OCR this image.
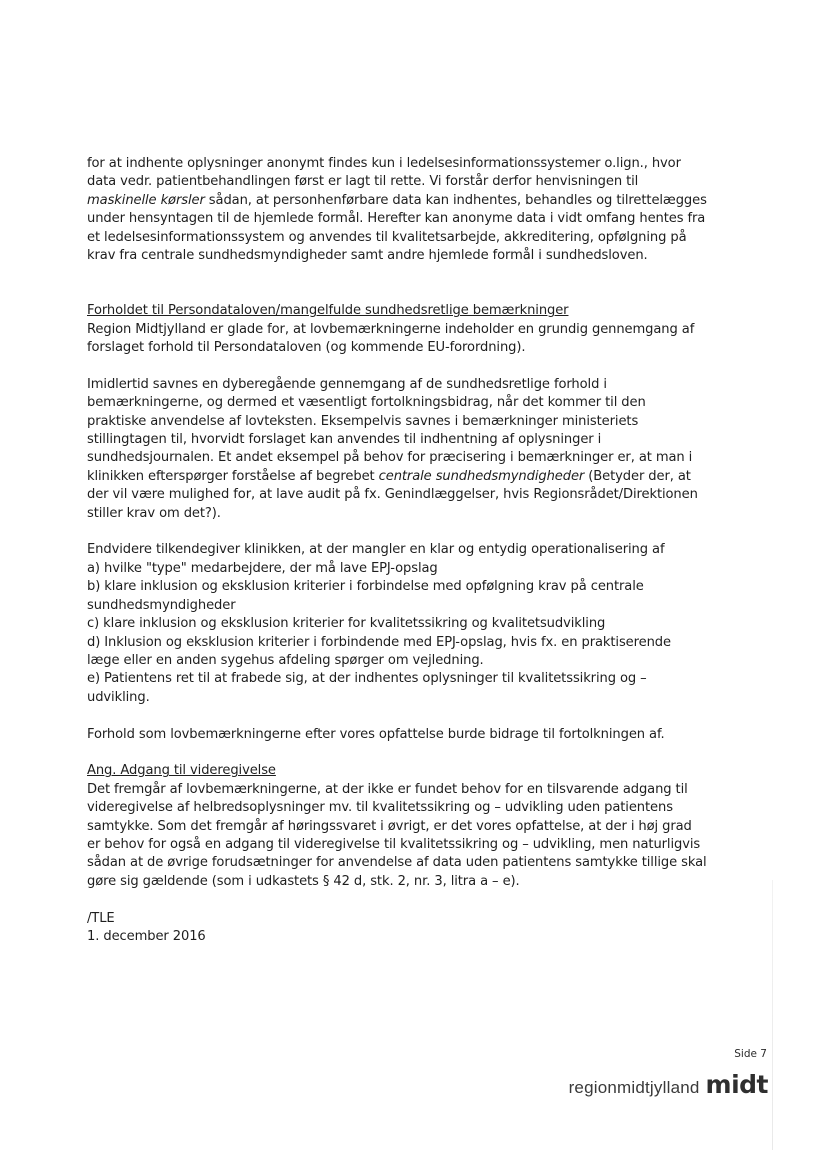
for at indhente oplysninger anonymt findes kun i ledelsesinformationssystemer o.lign., hvor
data vedr. patientbehandlingen først er lagt til rette. Vi forstår derfor henvisningen til
maskinelle kørsler sådan, at personhenførbare data kan indhentes, behandles og tilrettelægges
under hensyntagen til de hjemlede formål. Herefter kan anonyme data i vidt omfang hentes fra
et ledelsesinformationssystem og anvendes til kvalitetsarbejde, akkreditering, opfølgning på
krav fra centrale sundhedsmyndigheder samt andre hjemlede formål i sundhedsloven.

Forholdet til Persondataloven/mangelfulde sundhedsretlige bemærkninger
Region Midtjylland er glade for, at lovbemærkningerne indeholder en grundig gennemgang af
forslaget forhold til Persondataloven (og kommende EU-forordning).

Imidlertid savnes en dyberegående gennemgang af de sundhedsretlige forhold i
bemærkningerne, og dermed et væsentligt fortolkningsbidrag, når det kommer til den
praktiske anvendelse af lovteksten. Eksempelvis savnes i bemærkninger ministeriets
stillingtagen til, hvorvidt forslaget kan anvendes til indhentning af oplysninger i
sundhedsjournalen. Et andet eksempel på behov for præcisering i bemærkninger er, at man i
klinikken efterspørger forståelse af begrebet centrale sundhedsmyndigheder (Betyder der, at
der vil være mulighed for, at lave audit på fx. Genindlæggelser, hvis Regionsrådet/Direktionen
stiller krav om det?).

Endvidere tilkendegiver klinikken, at der mangler en klar og entydig operationalisering af
a) hvilke "type" medarbejdere, der må lave EPJ-opslag
b) klare inklusion og eksklusion kriterier i forbindelse med opfølgning krav på centrale
sundhedsmyndigheder
c) klare inklusion og eksklusion kriterier for kvalitetssikring og kvalitetsudvikling
d) Inklusion og eksklusion kriterier i forbindende med EPJ-opslag, hvis fx. en praktiserende
læge eller en anden sygehus afdeling spørger om vejledning.
e) Patientens ret til at frabede sig, at der indhentes oplysninger til kvalitetssikring og –
udvikling.

Forhold som lovbemærkningerne efter vores opfattelse burde bidrage til fortolkningen af.

Ang. Adgang til videregivelse
Det fremgår af lovbemærkningerne, at der ikke er fundet behov for en tilsvarende adgang til
videregivelse af helbredsoplysninger mv. til kvalitetssikring og – udvikling uden patientens
samtykke. Som det fremgår af høringssvaret i øvrigt, er det vores opfattelse, at der i høj grad
er behov for også en adgang til videregivelse til kvalitetssikring og – udvikling, men naturligvis
sådan at de øvrige forudsætninger for anvendelse af data uden patientens samtykke tillige skal
gøre sig gældende (som i udkastets § 42 d, stk. 2, nr. 3, litra a – e).

/TLE
1. december 2016

Side 7
regionmidtjylland midt
